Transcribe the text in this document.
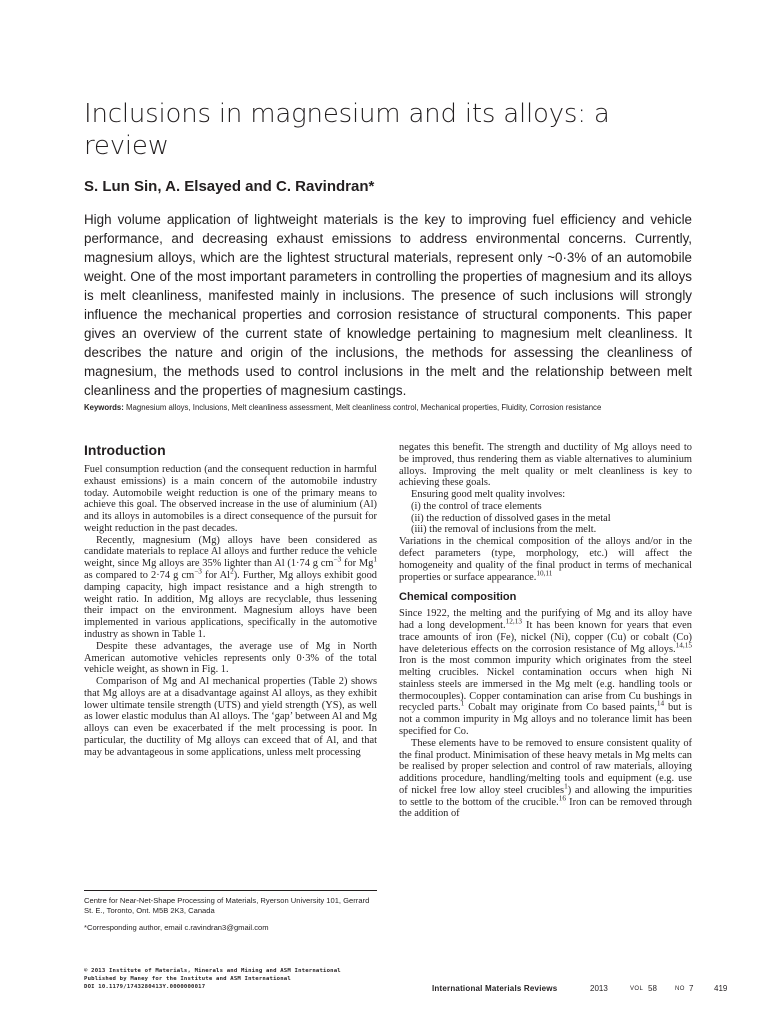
Inclusions in magnesium and its alloys: a review
S. Lun Sin, A. Elsayed and C. Ravindran*
High volume application of lightweight materials is the key to improving fuel efficiency and vehicle performance, and decreasing exhaust emissions to address environmental concerns. Currently, magnesium alloys, which are the lightest structural materials, represent only ~0·3% of an automobile weight. One of the most important parameters in controlling the properties of magnesium and its alloys is melt cleanliness, manifested mainly in inclusions. The presence of such inclusions will strongly influence the mechanical properties and corrosion resistance of structural components. This paper gives an overview of the current state of knowledge pertaining to magnesium melt cleanliness. It describes the nature and origin of the inclusions, the methods for assessing the cleanliness of magnesium, the methods used to control inclusions in the melt and the relationship between melt cleanliness and the properties of magnesium castings.
Keywords: Magnesium alloys, Inclusions, Melt cleanliness assessment, Melt cleanliness control, Mechanical properties, Fluidity, Corrosion resistance
Introduction

Fuel consumption reduction (and the consequent reduction in harmful exhaust emissions) is a main concern of the automobile industry today. Automobile weight reduction is one of the primary means to achieve this goal. The observed increase in the use of aluminium (Al) and its alloys in automobiles is a direct consequence of the pursuit for weight reduction in the past decades.

Recently, magnesium (Mg) alloys have been considered as candidate materials to replace Al alloys and further reduce the vehicle weight, since Mg alloys are 35% lighter than Al (1·74 g $cm^{-3}$ for Mg$^1$ as compared to 2·74 g $cm^{-3}$ for Al$^2$). Further, Mg alloys exhibit good damping capacity, high impact resistance and a high strength to weight ratio. In addition, Mg alloys are recyclable, thus lessening their impact on the environment. Magnesium alloys have been implemented in various applications, specifically in the automotive industry as shown in Table 1.

Despite these advantages, the average use of Mg in North American automotive vehicles represents only 0·3% of the total vehicle weight, as shown in Fig. 1.

Comparison of Mg and Al mechanical properties (Table 2) shows that Mg alloys are at a disadvantage against Al alloys, as they exhibit lower ultimate tensile strength (UTS) and yield strength (YS), as well as lower elastic modulus than Al alloys. The ‘gap’ between Al and Mg alloys can even be exacerbated if the melt processing is poor. In particular, the ductility of Mg alloys can exceed that of Al, and that may be advantageous in some applications, unless melt processing

Centre for Near-Net-Shape Processing of Materials, Ryerson University 101, Gerrard St. E., Toronto, Ont. M5B 2K3, Canada
*Corresponding author, email c.ravindran3@gmail.com

negates this benefit. The strength and ductility of Mg alloys need to be improved, thus rendering them as viable alternatives to aluminium alloys. Improving the melt quality or melt cleanliness is key to achieving these goals.

Ensuring good melt quality involves:

(i) the control of trace elements
(ii) the reduction of dissolved gases in the metal
(iii) the removal of inclusions from the melt.

Variations in the chemical composition of the alloys and/or in the defect parameters (type, morphology, etc.) will affect the homogeneity and quality of the final product in terms of mechanical properties or surface appearance.$^{10,11}$

Chemical composition

Since 1922, the melting and the purifying of Mg and its alloy have had a long development.$^{12,13}$ It has been known for years that even trace amounts of iron (Fe), nickel (Ni), copper (Cu) or cobalt (Co) have deleterious effects on the corrosion resistance of Mg alloys.$^{14,15}$ Iron is the most common impurity which originates from the steel melting crucibles. Nickel contamination occurs when high Ni stainless steels are immersed in the Mg melt (e.g. handling tools or thermocouples). Copper contamination can arise from Cu bushings in recycled parts.$^1$ Cobalt may originate from Co based paints,$^{14}$ but is not a common impurity in Mg alloys and no tolerance limit has been specified for Co.

These elements have to be removed to ensure consistent quality of the final product. Minimisation of these heavy metals in Mg melts can be realised by proper selection and control of raw materials, alloying additions procedure, handling/melting tools and equipment (e.g. use of nickel free low alloy steel crucibles$^1$) and allowing the impurities to settle to the bottom of the crucible.$^{16}$ Iron can be removed through the addition of

© 2013 Institute of Materials, Minerals and Mining and ASM International
Published by Maney for the Institute and ASM International
DOI 10.1179/1743280413Y.0000000017	International Materials Reviews	2013	VOL 58	NO 7	419
